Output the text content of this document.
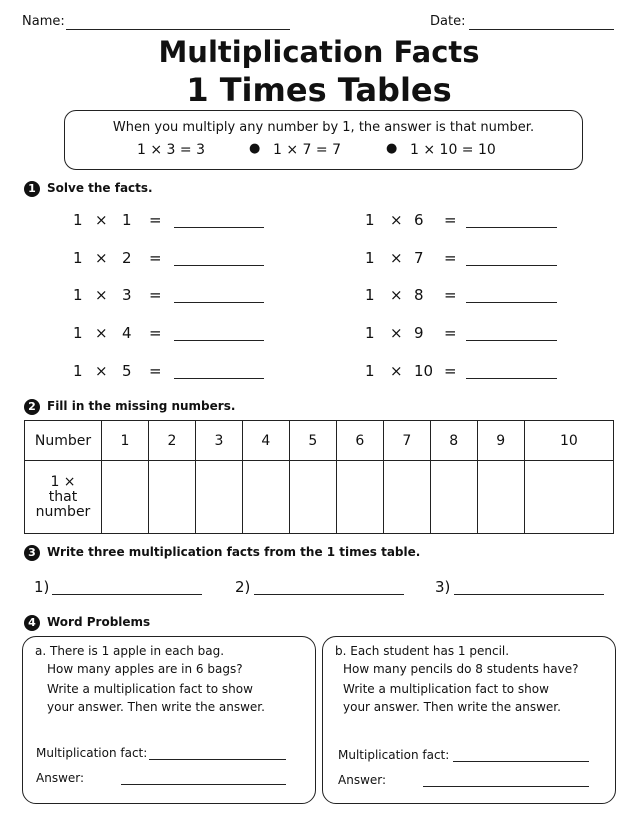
Name:	Date:
Multiplication Facts
1 Times Tables
When you multiply any number by 1, the answer is that number.
1 × 3 = 3	● 1 × 7 = 7	● 1 × 10 = 10
1 Solve the facts.
1 × 1 =
1 × 2 =
1 × 3 =
1 × 4 =
1 × 5 =
1 × 6 =
1 × 7 =
1 × 8 =
1 × 9 =
1 × 10 =
2 Fill in the missing numbers.
Number	1	2	3	4	5	6	7	8	9	10

1 ×
that
number										

3 Write three multiplication facts from the 1 times table.
1)	2)	3)
4 Word Problems
a. There is 1 apple in each bag.
How many apples are in 6 bags?
Write a multiplication fact to show
your answer. Then write the answer.
Multiplication fact:
Answer:
b. Each student has 1 pencil.
How many pencils do 8 students have?
Write a multiplication fact to show
your answer. Then write the answer.
Multiplication fact:
Answer:
